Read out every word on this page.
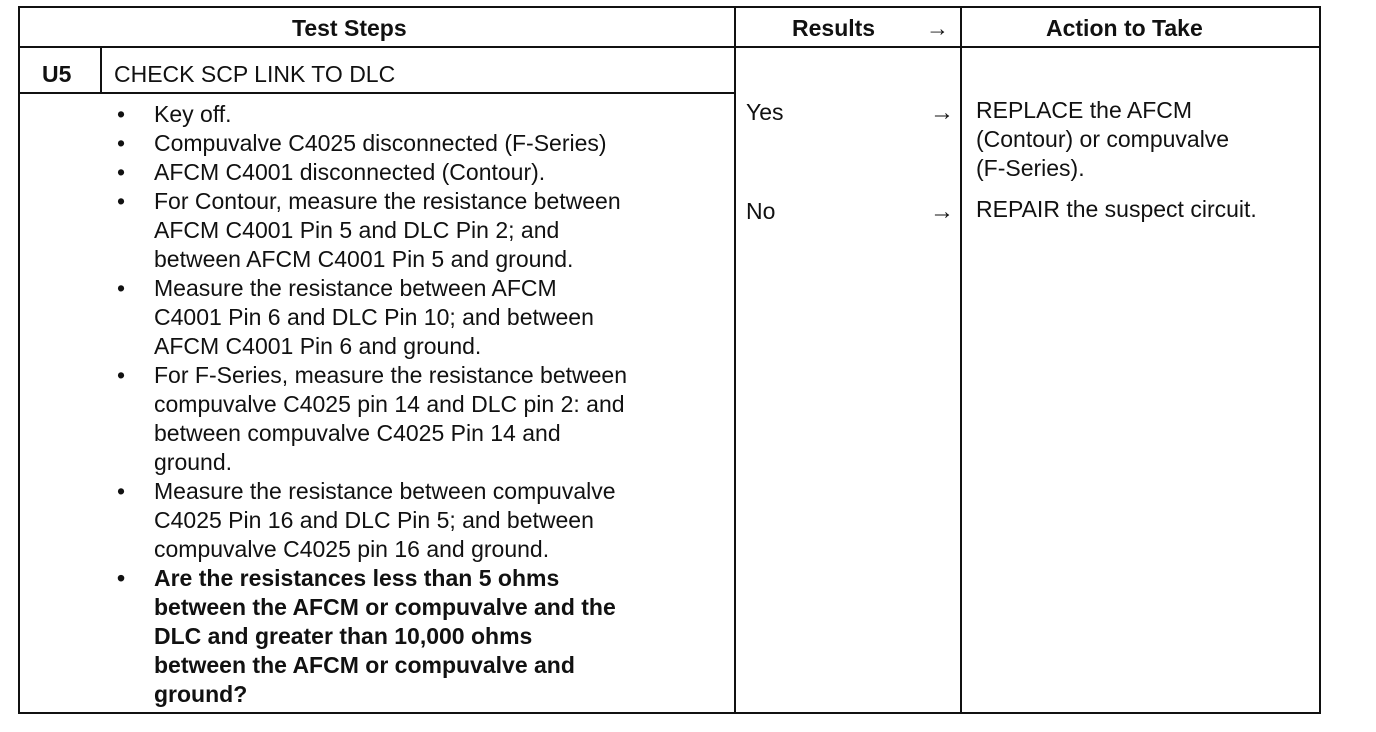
Test Steps	Results →	Action to Take
U5 CHECK SCP LINK TO DLC
• Key off.
• Compuvalve C4025 disconnected (F-Series)
• AFCM C4001 disconnected (Contour).
• For Contour, measure the resistance between
AFCM C4001 Pin 5 and DLC Pin 2; and
between AFCM C4001 Pin 5 and ground.
• Measure the resistance between AFCM
C4001 Pin 6 and DLC Pin 10; and between
AFCM C4001 Pin 6 and ground.
• For F-Series, measure the resistance between
compuvalve C4025 pin 14 and DLC pin 2: and
between compuvalve C4025 Pin 14 and
ground.
• Measure the resistance between compuvalve
C4025 Pin 16 and DLC Pin 5; and between
compuvalve C4025 pin 16 and ground.
• Are the resistances less than 5 ohms
between the AFCM or compuvalve and the
DLC and greater than 10,000 ohms
between the AFCM or compuvalve and
ground?
Yes	→ REPLACE the AFCM
(Contour) or compuvalve
(F-Series).
No	→ REPAIR the suspect circuit.
